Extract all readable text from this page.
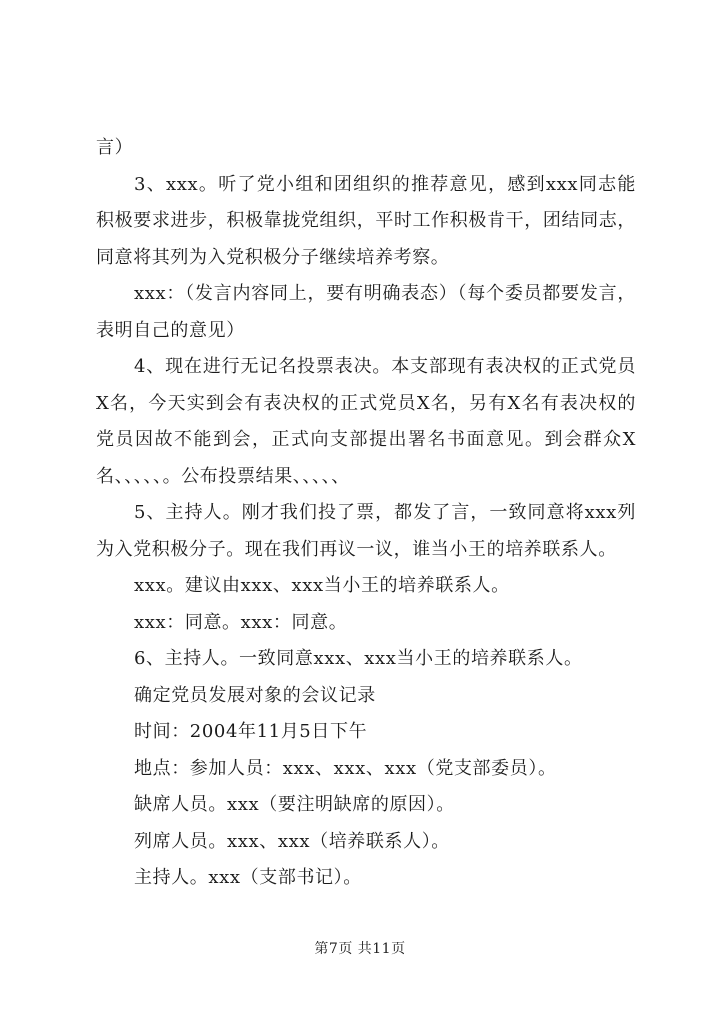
言）

3、xxx。听了党小组和团组织的推荐意见，感到xxx同志能积极要求进步，积极靠拢党组织，平时工作积极肯干，团结同志，同意将其列为入党积极分子继续培养考察。

xxx：（发言内容同上，要有明确表态）（每个委员都要发言，表明自己的意见）

4、现在进行无记名投票表决。本支部现有表决权的正式党员X名，今天实到会有表决权的正式党员X名，另有X名有表决权的党员因故不能到会，正式向支部提出署名书面意见。到会群众X名、、、、、。公布投票结果、、、、、

5、主持人。刚才我们投了票，都发了言，一致同意将xxx列为入党积极分子。现在我们再议一议，谁当小王的培养联系人。

xxx。建议由xxx、xxx当小王的培养联系人。

xxx：同意。xxx：同意。

6、主持人。一致同意xxx、xxx当小王的培养联系人。

确定党员发展对象的会议记录

时间：2004年11月5日下午

地点：参加人员：xxx、xxx、xxx（党支部委员）。

缺席人员。xxx（要注明缺席的原因）。

列席人员。xxx、xxx（培养联系人）。

主持人。xxx（支部书记）。

第7页 共11页
